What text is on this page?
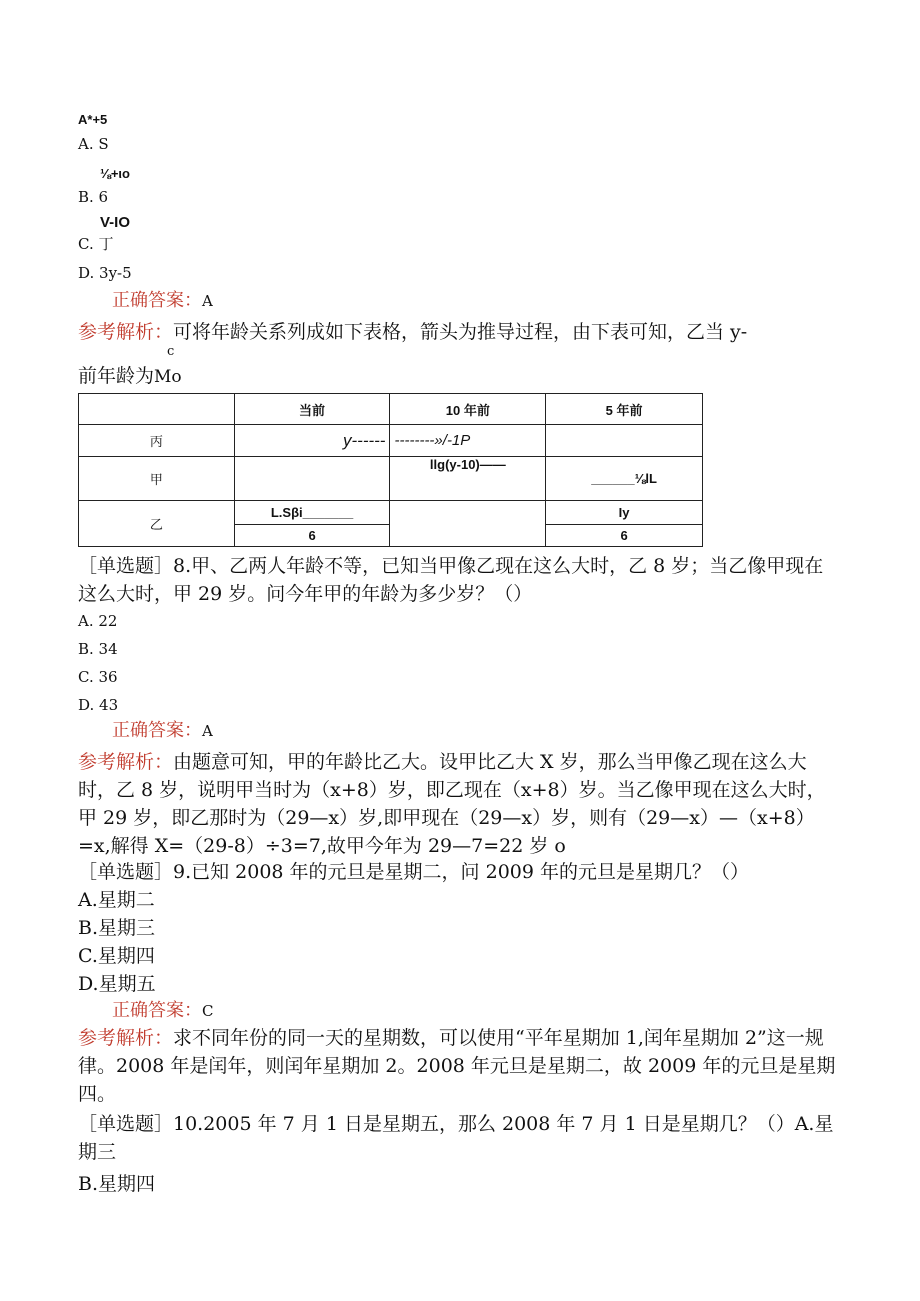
A*+5
A. S
⅛+ιo
B. 6
V-IO
C. 丁
D. 3y-5
正确答案：A
参考解析：可将年龄关系列成如下表格，箭头为推导过程，由下表可知，乙当 y-
c
前年龄为Mo
	当前	10 年前	5 年前
丙	y------	--------»/-1P	
甲		llg(y-10)——	______⅛lL
乙	L.Sβi_______		Iy
	6		6
［单选题］8.甲、乙两人年龄不等，已知当甲像乙现在这么大时，乙 8 岁；当乙像甲现在这么大时，甲 29 岁。问今年甲的年龄为多少岁？（）
A. 22
B. 34
C. 36
D. 43
正确答案：A
参考解析：由题意可知，甲的年龄比乙大。设甲比乙大 X 岁，那么当甲像乙现在这么大时，乙 8 岁，说明甲当时为（x+8）岁，即乙现在（x+8）岁。当乙像甲现在这么大时，甲 29 岁，即乙那时为（29—x）岁,即甲现在（29—x）岁，则有（29—x）—（x+8）=x,解得 X=（29-8）÷3=7,故甲今年为 29—7=22 岁 o
［单选题］9.已知 2008 年的元旦是星期二，问 2009 年的元旦是星期几？（）
A.星期二
B.星期三
C.星期四
D.星期五
正确答案：C
参考解析：求不同年份的同一天的星期数，可以使用“平年星期加 1,闰年星期加 2”这一规律。2008 年是闰年，则闰年星期加 2。2008 年元旦是星期二，故 2009 年的元旦是星期四。
［单选题］10.2005 年 7 月 1 日是星期五，那么 2008 年 7 月 1 日是星期几？（）A.星期三
B.星期四
